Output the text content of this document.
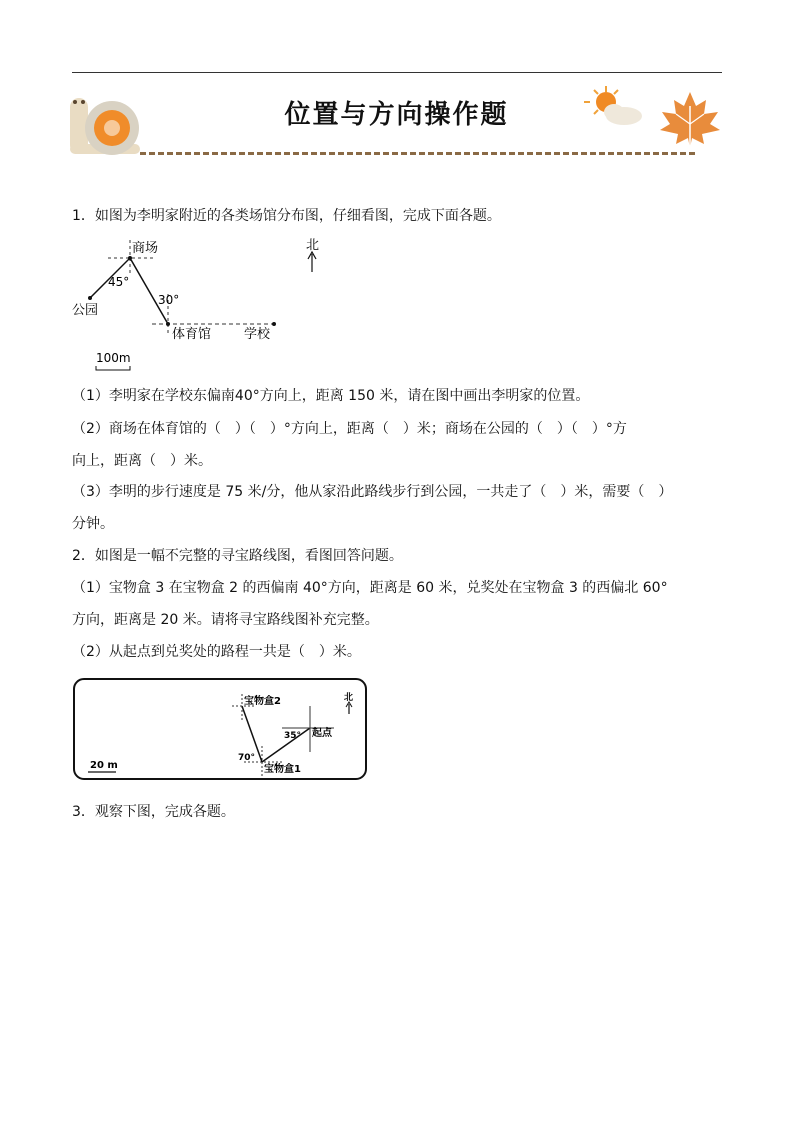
位置与方向操作题
1．如图为李明家附近的各类场馆分布图，仔细看图，完成下面各题。
商场
公园
45°
体育馆
30°
学校
北
100m
（1）李明家在学校东偏南40°方向上，距离 150 米，请在图中画出李明家的位置。
（2）商场在体育馆的（　）（　）°方向上，距离（　）米；商场在公园的（　）（　）°方
向上，距离（　）米。
（3）李明的步行速度是 75 米/分，他从家沿此路线步行到公园，一共走了（　）米，需要（　）
分钟。
2．如图是一幅不完整的寻宝路线图，看图回答问题。
（1）宝物盒 3 在宝物盒 2 的西偏南 40°方向，距离是 60 米，兑奖处在宝物盒 3 的西偏北 60°
方向，距离是 20 米。请将寻宝路线图补充完整。
（2）从起点到兑奖处的路程一共是（　）米。
宝物盒2
宝物盒1
70°
起点
35°
北
20 m
3．观察下图，完成各题。
